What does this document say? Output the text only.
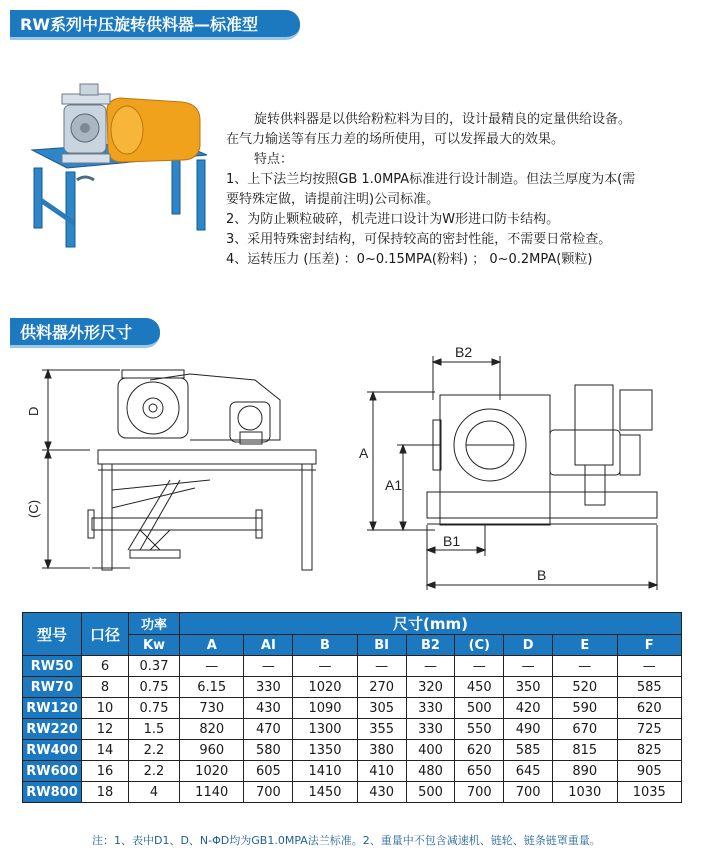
RW系列中压旋转供料器—标准型

旋转供料器是以供给粉粒料为目的，设计最精良的定量供给设备。

在气力输送等有压力差的场所使用，可以发挥最大的效果。

特点：

1、上下法兰均按照GB 1.0MPA标准进行设计制造。但法兰厚度为本(需

要特殊定做，请提前注明)公司标准。

2、为防止颗粒破碎，机壳进口设计为W形进口防卡结构。

3、采用特殊密封结构，可保持较高的密封性能，不需要日常检查。

4、运转压力 (压差) ：0~0.15MPA(粉料) ； 0~0.2MPA(颗粒)

供料器外形尺寸
D
(C)
B2
A
A1
B1
B
型号	口径	功率	尺寸(mm)								
		Kw	A	AⅠ	B	BⅠ	B2	(C)	D	E	F
RW50	6	0.37	—	—	—	—	—	—	—	—	—
RW70	8	0.75	6.15	330	1020	270	320	450	350	520	585
RW120	10	0.75	730	430	1090	305	330	500	420	590	620
RW220	12	1.5	820	470	1300	355	330	550	490	670	725
RW400	14	2.2	960	580	1350	380	400	620	585	815	825
RW600	16	2.2	1020	605	1410	410	480	650	645	890	905
RW800	18	4	1140	700	1450	430	500	700	700	1030	1035
注：1、表中D1、D、N-ΦD均为GB1.0MPA法兰标准。2、重量中不包含减速机、链轮、链条链罩重量。
